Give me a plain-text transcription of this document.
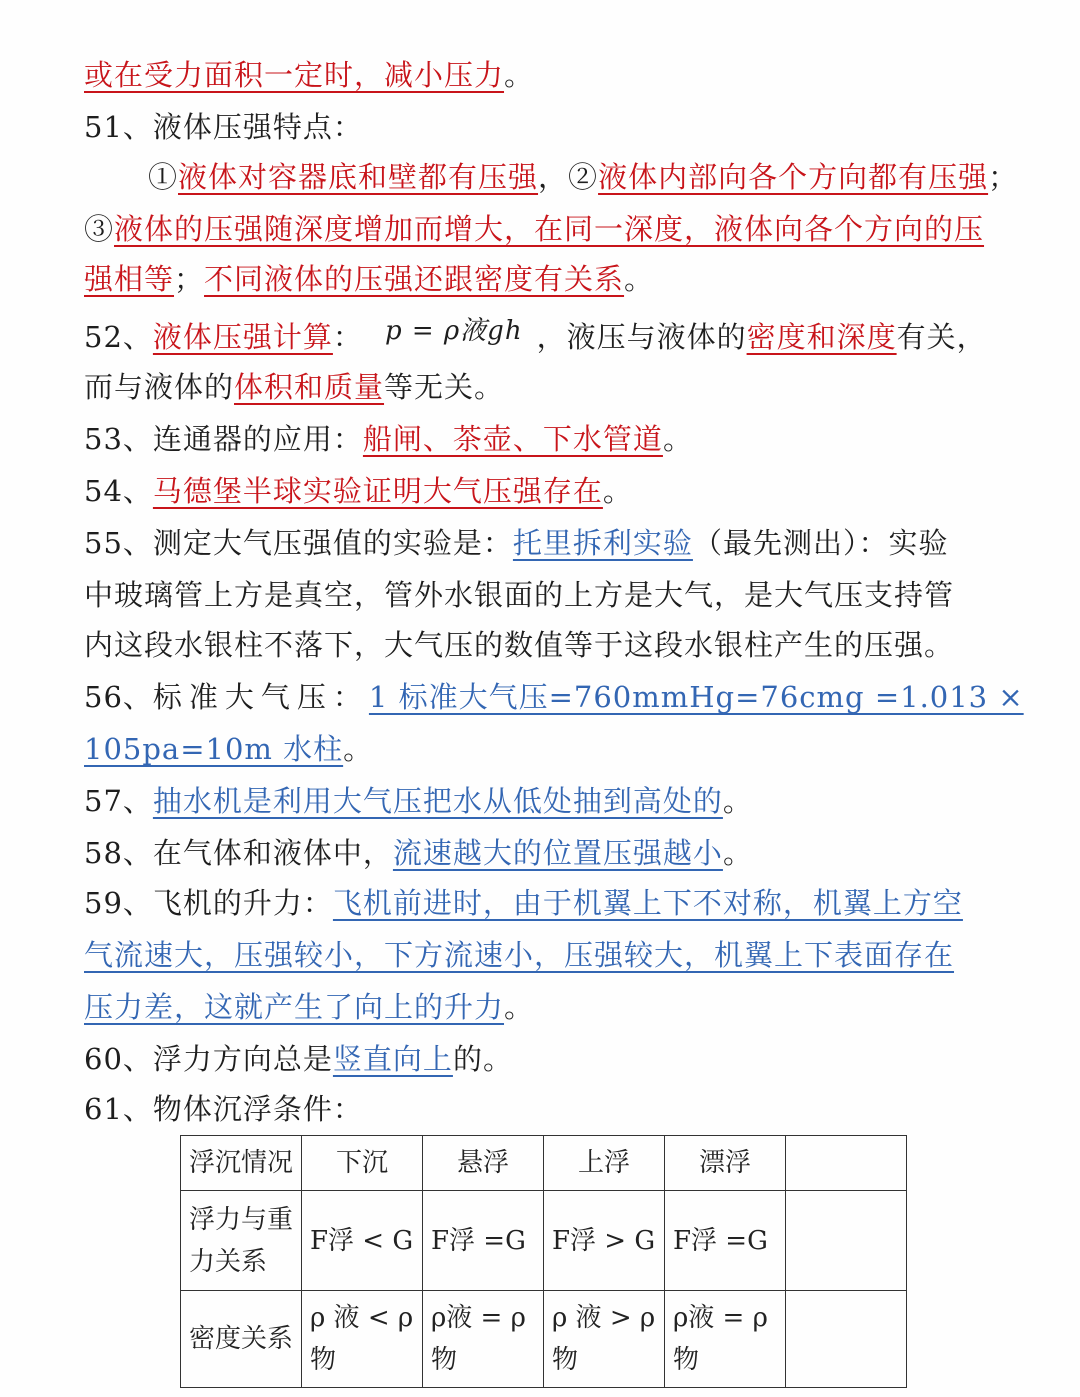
或在受力面积一定时，减小压力。
51、液体压强特点：
①液体对容器底和壁都有压强，②液体内部向各个方向都有压强；
③液体的压强随深度增加而增大，在同一深度，液体向各个方向的压
强相等；不同液体的压强还跟密度有关系。
52、液体压强计算： p = ρ液gh ，液压与液体的密度和深度有关，
而与液体的体积和质量等无关。
53、连通器的应用：船闸、茶壶、下水管道。
54、马德堡半球实验证明大气压强存在。
55、测定大气压强值的实验是：托里拆利实验（最先测出）：实验
中玻璃管上方是真空，管外水银面的上方是大气，是大气压支持管
内这段水银柱不落下，大气压的数值等于这段水银柱产生的压强。
56、标准大气压：1 标准大气压=760mmHg=76cmg =1.013 ×
105pa=10m 水柱。
57、抽水机是利用大气压把水从低处抽到高处的。
58、在气体和液体中，流速越大的位置压强越小。
59、飞机的升力：飞机前进时，由于机翼上下不对称，机翼上方空
气流速大，压强较小，下方流速小，压强较大，机翼上下表面存在
压力差，这就产生了向上的升力。
60、浮力方向总是竖直向上的。
61、物体沉浮条件：
浮沉情况	下沉	悬浮	上浮	漂浮	
浮力与重力关系	F浮 < G	F浮 =G	F浮 > G	F浮 =G	
密度关系	ρ 液 < ρ物	ρ液 = ρ物	ρ 液 > ρ物	ρ液 = ρ物	
